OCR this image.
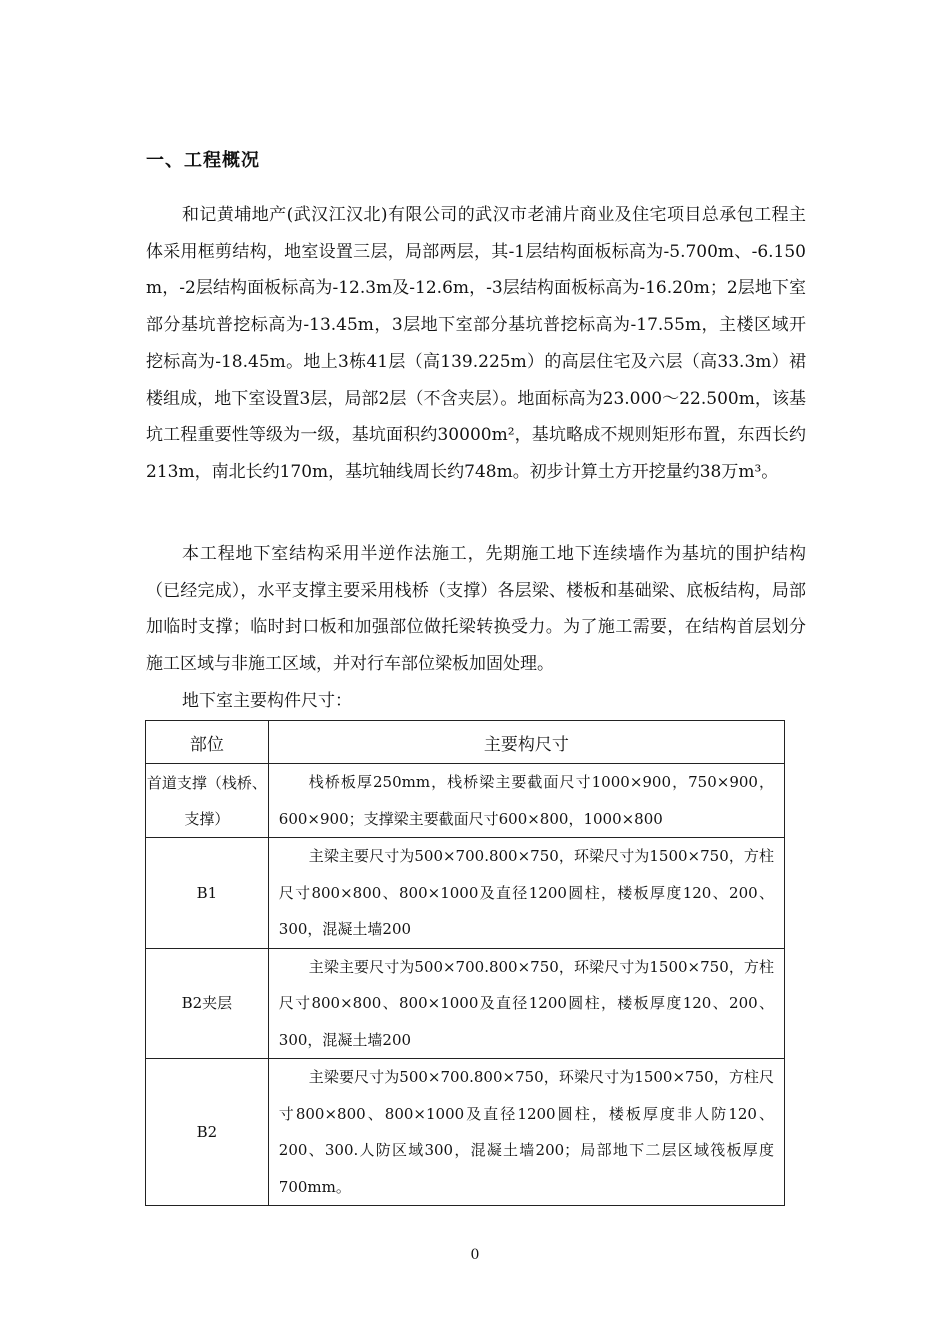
一、工程概况

和记黄埔地产(武汉江汉北)有限公司的武汉市老浦片商业及住宅项目总承包工程主体采用框剪结构，地室设置三层，局部两层，其-1层结构面板标高为-5.700m、-6.150 m，-2层结构面板标高为-12.3m及-12.6m，-3层结构面板标高为-16.20m；2层地下室部分基坑普挖标高为-13.45m，3层地下室部分基坑普挖标高为-17.55m，主楼区域开挖标高为-18.45m。地上3栋41层（高139.225m）的高层住宅及六层（高33.3m）裙楼组成，地下室设置3层，局部2层（不含夹层）。地面标高为23.000～22.500m，该基坑工程重要性等级为一级，基坑面积约30000m²，基坑略成不规则矩形布置，东西长约213m，南北长约170m，基坑轴线周长约748m。初步计算土方开挖量约38万m³。

本工程地下室结构采用半逆作法施工，先期施工地下连续墙作为基坑的围护结构（已经完成），水平支撑主要采用栈桥（支撑）各层梁、楼板和基础梁、底板结构，局部加临时支撑；临时封口板和加强部位做托梁转换受力。为了施工需要，在结构首层划分施工区域与非施工区域，并对行车部位梁板加固处理。

地下室主要构件尺寸：
部位	主要构尺寸
首道支撑（栈桥、支撑）	栈桥板厚250mm，栈桥梁主要截面尺寸1000×900，750×900，600×900；支撑梁主要截面尺寸600×800，1000×800
B1	主梁主要尺寸为500×700.800×750，环梁尺寸为1500×750，方柱尺寸800×800、800×1000及直径1200圆柱，楼板厚度120、200、300，混凝土墙200
B2夹层	主梁主要尺寸为500×700.800×750，环梁尺寸为1500×750，方柱尺寸800×800、800×1000及直径1200圆柱，楼板厚度120、200、300，混凝土墙200
B2	主梁要尺寸为500×700.800×750，环梁尺寸为1500×750，方柱尺寸800×800、800×1000及直径1200圆柱，楼板厚度非人防120、200、300.人防区域300，混凝土墙200；局部地下二层区域筏板厚度700mm。
0
